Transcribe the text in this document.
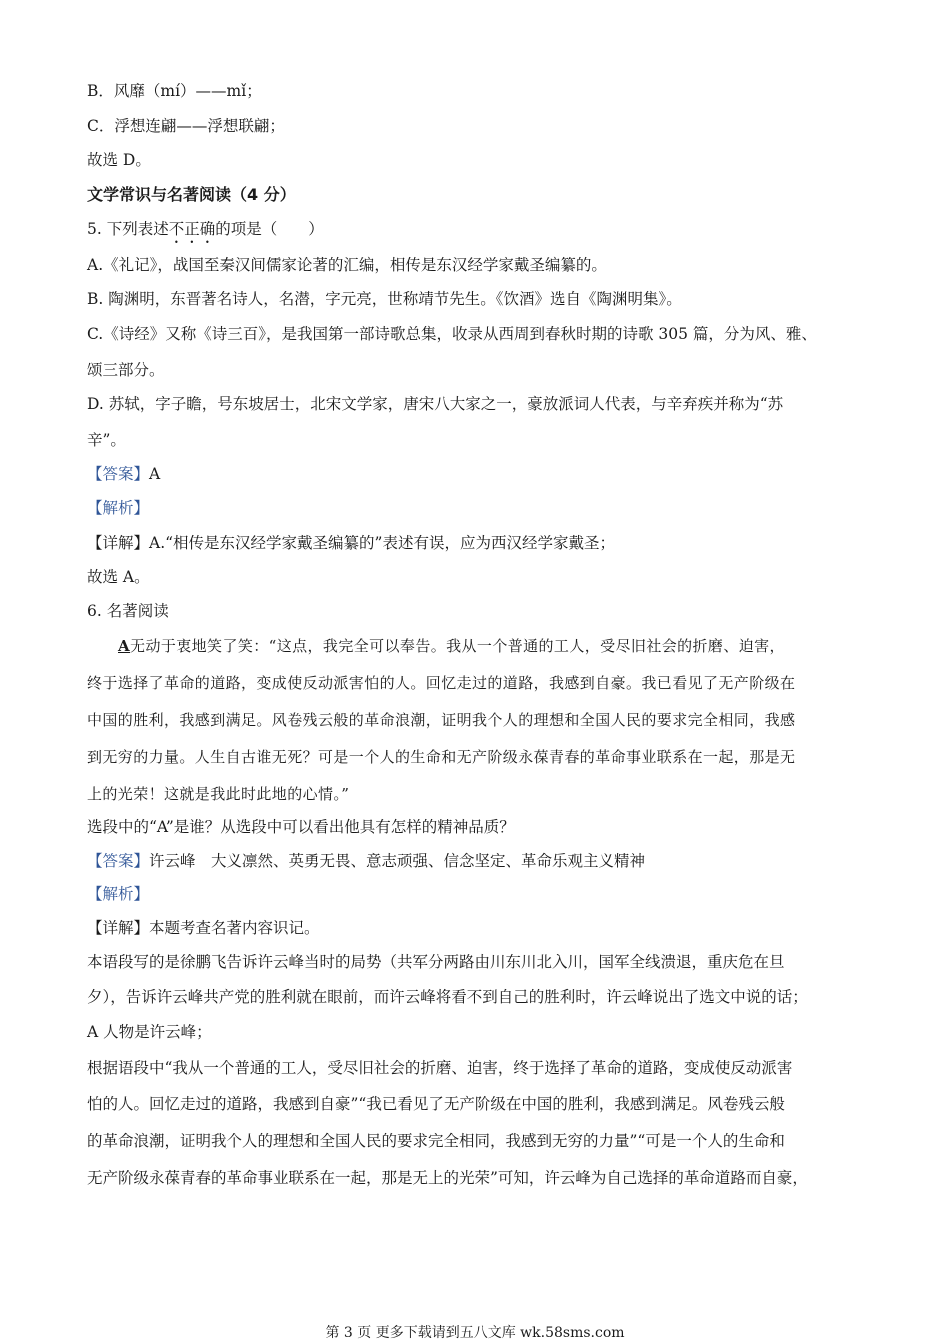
B．风靡（mí）——mǐ；
C．浮想连翩——浮想联翩；
故选 D。
文学常识与名著阅读（4 分）
5. 下列表述不正确的项是（　　）
A.《礼记》，战国至秦汉间儒家论著的汇编，相传是东汉经学家戴圣编纂的。
B. 陶渊明，东晋著名诗人，名潜，字元亮，世称靖节先生。《饮酒》选自《陶渊明集》。
C.《诗经》又称《诗三百》，是我国第一部诗歌总集，收录从西周到春秋时期的诗歌 305 篇，分为风、雅、
颂三部分。
D. 苏轼，字子瞻，号东坡居士，北宋文学家，唐宋八大家之一，豪放派词人代表，与辛弃疾并称为“苏
辛”。
【答案】A
【解析】
【详解】A.“相传是东汉经学家戴圣编纂的”表述有误，应为西汉经学家戴圣；
故选 A。
6. 名著阅读
A无动于衷地笑了笑：“这点，我完全可以奉告。我从一个普通的工人，受尽旧社会的折磨、迫害，
终于选择了革命的道路，变成使反动派害怕的人。回忆走过的道路，我感到自豪。我已看见了无产阶级在
中国的胜利，我感到满足。风卷残云般的革命浪潮，证明我个人的理想和全国人民的要求完全相同，我感
到无穷的力量。人生自古谁无死？可是一个人的生命和无产阶级永葆青春的革命事业联系在一起，那是无
上的光荣！这就是我此时此地的心情。”
选段中的“A”是谁？从选段中可以看出他具有怎样的精神品质？
【答案】许云峰　大义凛然、英勇无畏、意志顽强、信念坚定、革命乐观主义精神
【解析】
【详解】本题考查名著内容识记。
本语段写的是徐鹏飞告诉许云峰当时的局势（共军分两路由川东川北入川，国军全线溃退，重庆危在旦
夕），告诉许云峰共产党的胜利就在眼前，而许云峰将看不到自己的胜利时，许云峰说出了选文中说的话；
A 人物是许云峰；
根据语段中“我从一个普通的工人，受尽旧社会的折磨、迫害，终于选择了革命的道路，变成使反动派害
怕的人。回忆走过的道路，我感到自豪”“我已看见了无产阶级在中国的胜利，我感到满足。风卷残云般
的革命浪潮，证明我个人的理想和全国人民的要求完全相同，我感到无穷的力量”“可是一个人的生命和
无产阶级永葆青春的革命事业联系在一起，那是无上的光荣”可知，许云峰为自己选择的革命道路而自豪，
第 3 页 更多下载请到五八文库 wk.58sms.com
